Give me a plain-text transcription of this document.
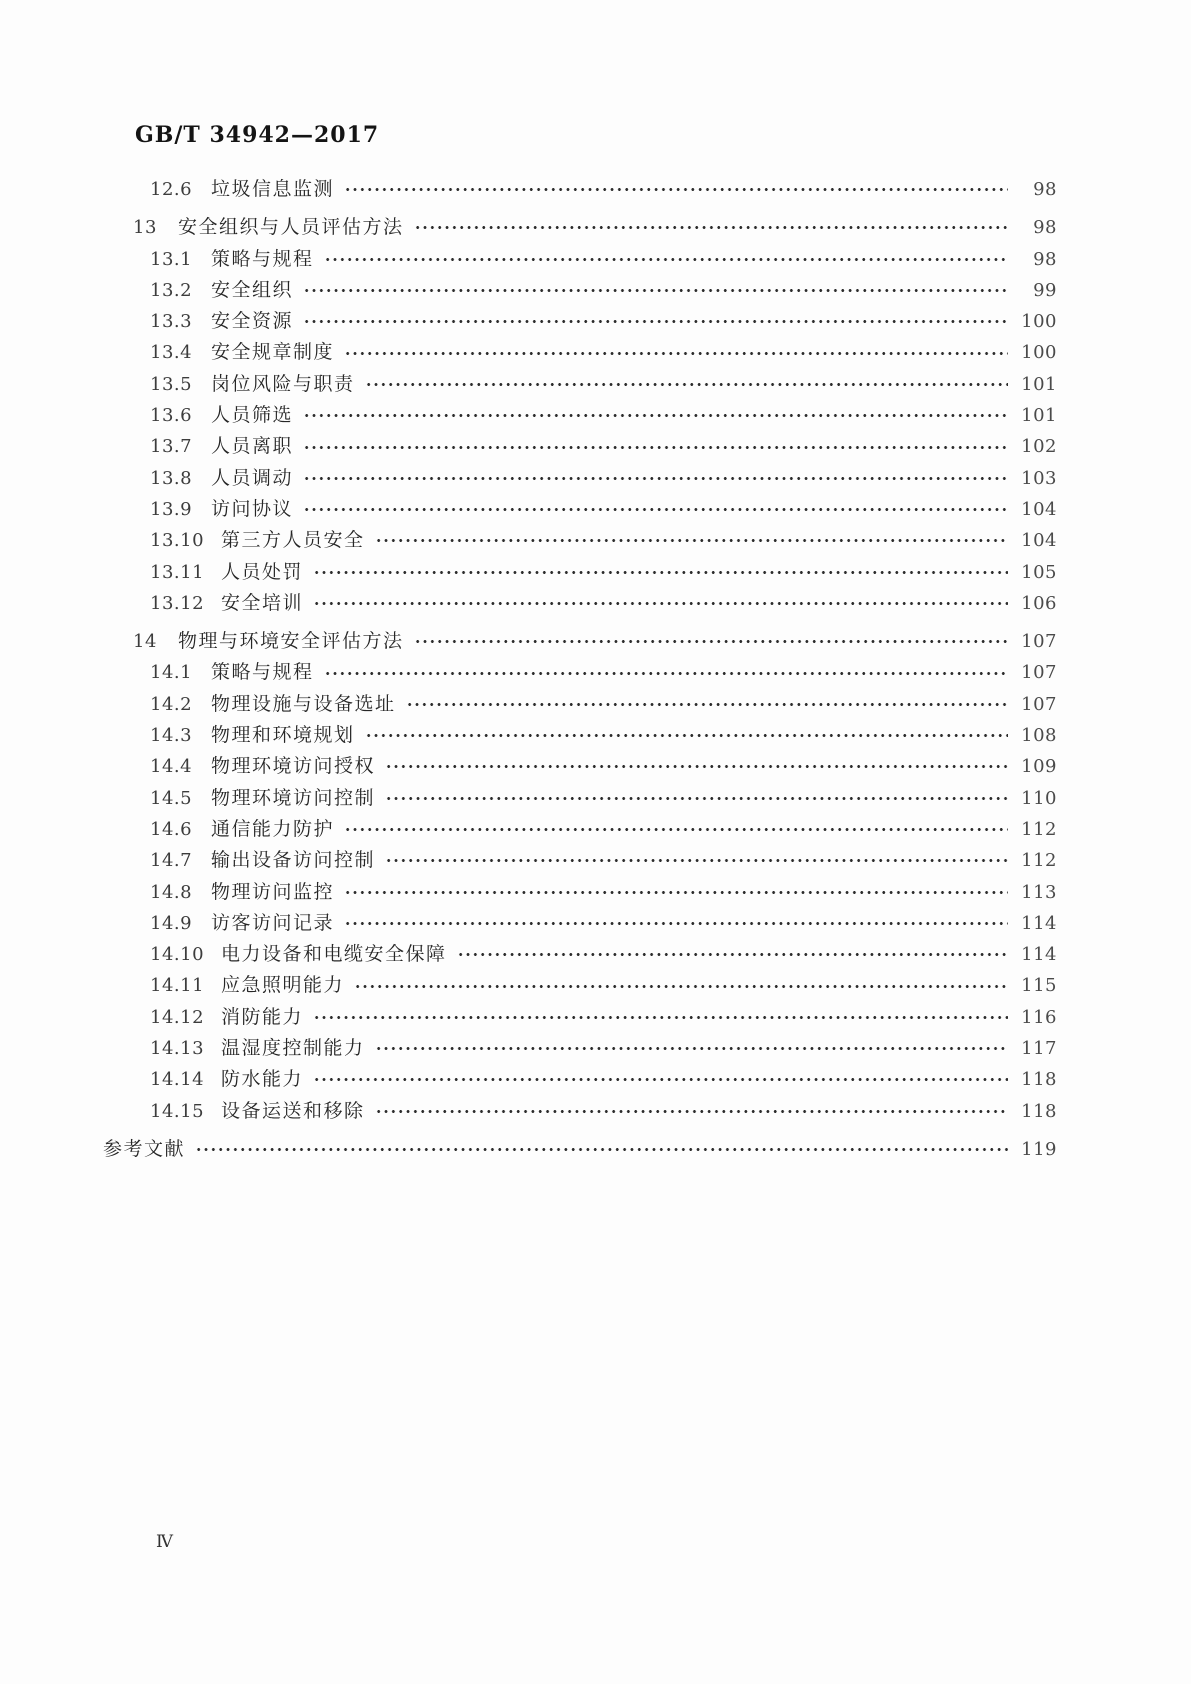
GB/T 34942—2017
12.6 垃圾信息监测	98
13 安全组织与人员评估方法	98
13.1 策略与规程	98
13.2 安全组织	99
13.3 安全资源	100
13.4 安全规章制度	100
13.5 岗位风险与职责	101
13.6 人员筛选	101
13.7 人员离职	102
13.8 人员调动	103
13.9 访问协议	104
13.10 第三方人员安全	104
13.11 人员处罚	105
13.12 安全培训	106
14 物理与环境安全评估方法	107
14.1 策略与规程	107
14.2 物理设施与设备选址	107
14.3 物理和环境规划	108
14.4 物理环境访问授权	109
14.5 物理环境访问控制	110
14.6 通信能力防护	112
14.7 输出设备访问控制	112
14.8 物理访问监控	113
14.9 访客访问记录	114
14.10 电力设备和电缆安全保障	114
14.11 应急照明能力	115
14.12 消防能力	116
14.13 温湿度控制能力	117
14.14 防水能力	118
14.15 设备运送和移除	118
参考文献	119
Ⅳ
